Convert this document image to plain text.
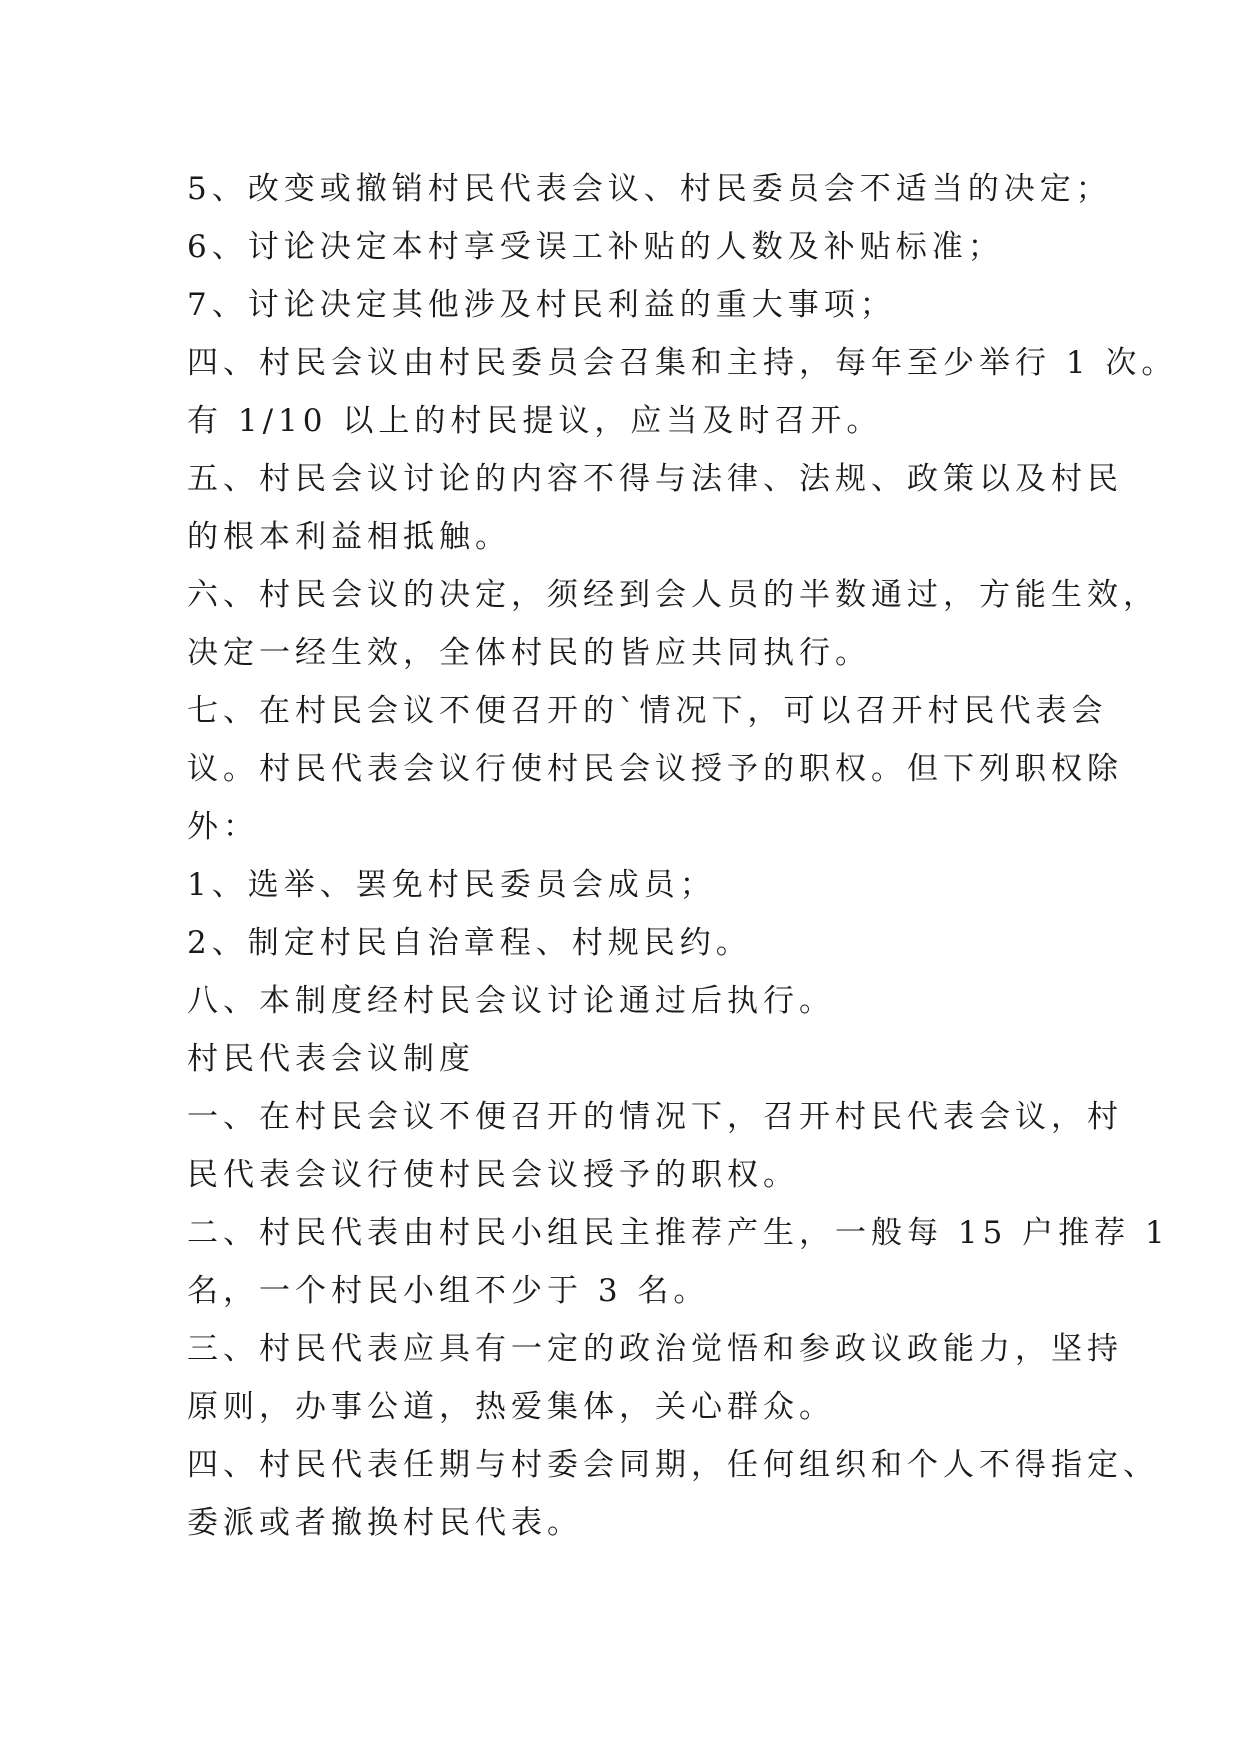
5、改变或撤销村民代表会议、村民委员会不适当的决定；
6、讨论决定本村享受误工补贴的人数及补贴标准；
7、讨论决定其他涉及村民利益的重大事项；
四、村民会议由村民委员会召集和主持，每年至少举行 1 次。
有 1/10 以上的村民提议，应当及时召开。
五、村民会议讨论的内容不得与法律、法规、政策以及村民
的根本利益相抵触。
六、村民会议的决定，须经到会人员的半数通过，方能生效，
决定一经生效，全体村民的皆应共同执行。
七、在村民会议不便召开的`情况下，可以召开村民代表会
议。村民代表会议行使村民会议授予的职权。但下列职权除
外：
1、选举、罢免村民委员会成员；
2、制定村民自治章程、村规民约。
八、本制度经村民会议讨论通过后执行。
村民代表会议制度
一、在村民会议不便召开的情况下，召开村民代表会议，村
民代表会议行使村民会议授予的职权。
二、村民代表由村民小组民主推荐产生，一般每 15 户推荐 1
名，一个村民小组不少于 3 名。
三、村民代表应具有一定的政治觉悟和参政议政能力，坚持
原则，办事公道，热爱集体，关心群众。
四、村民代表任期与村委会同期，任何组织和个人不得指定、
委派或者撤换村民代表。
